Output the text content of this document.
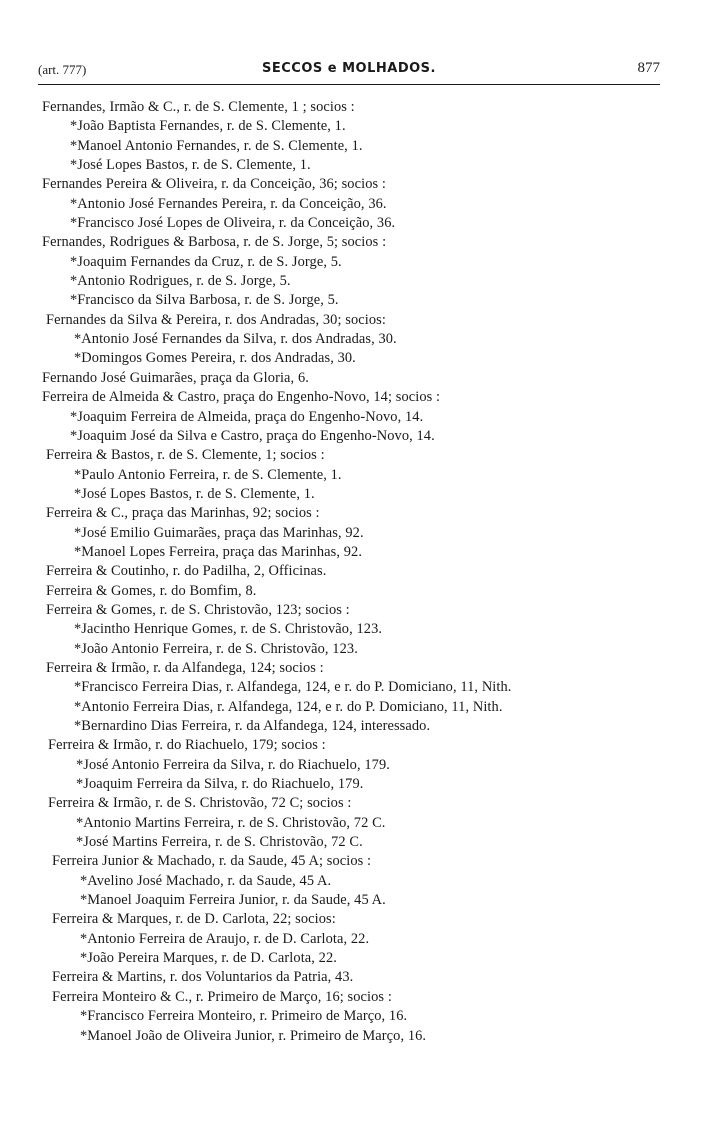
(art. 777)	SECCOS e MOLHADOS.	877
Fernandes, Irmão & C., r. de S. Clemente, 1 ; socios :
*João Baptista Fernandes, r. de S. Clemente, 1.
*Manoel Antonio Fernandes, r. de S. Clemente, 1.
*José Lopes Bastos, r. de S. Clemente, 1.
Fernandes Pereira & Oliveira, r. da Conceição, 36; socios :
*Antonio José Fernandes Pereira, r. da Conceição, 36.
*Francisco José Lopes de Oliveira, r. da Conceição, 36.
Fernandes, Rodrigues & Barbosa, r. de S. Jorge, 5; socios :
*Joaquim Fernandes da Cruz, r. de S. Jorge, 5.
*Antonio Rodrigues, r. de S. Jorge, 5.
*Francisco da Silva Barbosa, r. de S. Jorge, 5.
Fernandes da Silva & Pereira, r. dos Andradas, 30; socios:
*Antonio José Fernandes da Silva, r. dos Andradas, 30.
*Domingos Gomes Pereira, r. dos Andradas, 30.
Fernando José Guimarães, praça da Gloria, 6.
Ferreira de Almeida & Castro, praça do Engenho-Novo, 14; socios :
*Joaquim Ferreira de Almeida, praça do Engenho-Novo, 14.
*Joaquim José da Silva e Castro, praça do Engenho-Novo, 14.
Ferreira & Bastos, r. de S. Clemente, 1; socios :
*Paulo Antonio Ferreira, r. de S. Clemente, 1.
*José Lopes Bastos, r. de S. Clemente, 1.
Ferreira & C., praça das Marinhas, 92; socios :
*José Emilio Guimarães, praça das Marinhas, 92.
*Manoel Lopes Ferreira, praça das Marinhas, 92.
Ferreira & Coutinho, r. do Padilha, 2, Officinas.
Ferreira & Gomes, r. do Bomfim, 8.
Ferreira & Gomes, r. de S. Christovão, 123; socios :
*Jacintho Henrique Gomes, r. de S. Christovão, 123.
*João Antonio Ferreira, r. de S. Christovão, 123.
Ferreira & Irmão, r. da Alfandega, 124; socios :
*Francisco Ferreira Dias, r. Alfandega, 124, e r. do P. Domiciano, 11, Nith.
*Antonio Ferreira Dias, r. Alfandega, 124, e r. do P. Domiciano, 11, Nith.
*Bernardino Dias Ferreira, r. da Alfandega, 124, interessado.
Ferreira & Irmão, r. do Riachuelo, 179; socios :
*José Antonio Ferreira da Silva, r. do Riachuelo, 179.
*Joaquim Ferreira da Silva, r. do Riachuelo, 179.
Ferreira & Irmão, r. de S. Christovão, 72 C; socios :
*Antonio Martins Ferreira, r. de S. Christovão, 72 C.
*José Martins Ferreira, r. de S. Christovão, 72 C.
Ferreira Junior & Machado, r. da Saude, 45 A; socios :
*Avelino José Machado, r. da Saude, 45 A.
*Manoel Joaquim Ferreira Junior, r. da Saude, 45 A.
Ferreira & Marques, r. de D. Carlota, 22; socios:
*Antonio Ferreira de Araujo, r. de D. Carlota, 22.
*João Pereira Marques, r. de D. Carlota, 22.
Ferreira & Martins, r. dos Voluntarios da Patria, 43.
Ferreira Monteiro & C., r. Primeiro de Março, 16; socios :
*Francisco Ferreira Monteiro, r. Primeiro de Março, 16.
*Manoel João de Oliveira Junior, r. Primeiro de Março, 16.
